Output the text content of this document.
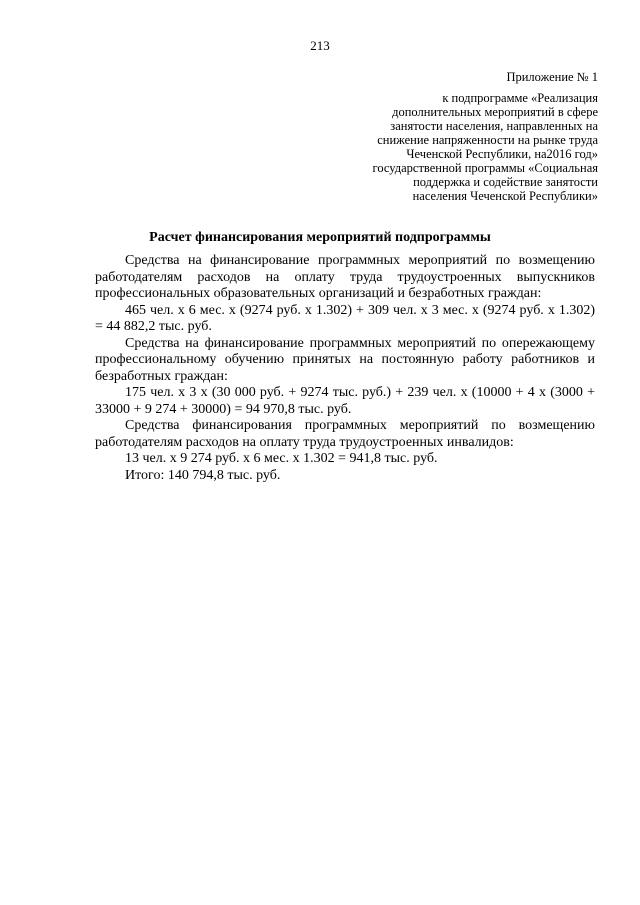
213
Приложение № 1
к подпрограмме «Реализация
дополнительных мероприятий в сфере
занятости населения, направленных на
снижение напряженности на рынке труда
Чеченской Республики, на2016 год»
государственной программы «Социальная
поддержка и содействие занятости
населения Чеченской Республики»
Расчет финансирования мероприятий подпрограммы

Средства на финансирование программных мероприятий по возмещению работодателям расходов на оплату труда трудоустроенных выпускников профессиональных образовательных организаций и безработных граждан:

465 чел. х 6 мес. х (9274 руб. х 1.302) + 309 чел. х 3 мес. х (9274 руб. х 1.302) = 44 882,2 тыс. руб.

Средства на финансирование программных мероприятий по опережающему профессиональному обучению принятых на постоянную работу работников и безработных граждан:

175 чел. х 3 х (30 000 руб. + 9274 тыс. руб.) + 239 чел. х (10000 + 4 х (3000 + 33000 + 9 274 + 30000) = 94 970,8 тыс. руб.

Средства финансирования программных мероприятий по возмещению работодателям расходов на оплату труда трудоустроенных инвалидов:

13 чел. х 9 274 руб. х 6 мес. х 1.302 = 941,8 тыс. руб.

Итого: 140 794,8 тыс. руб.
